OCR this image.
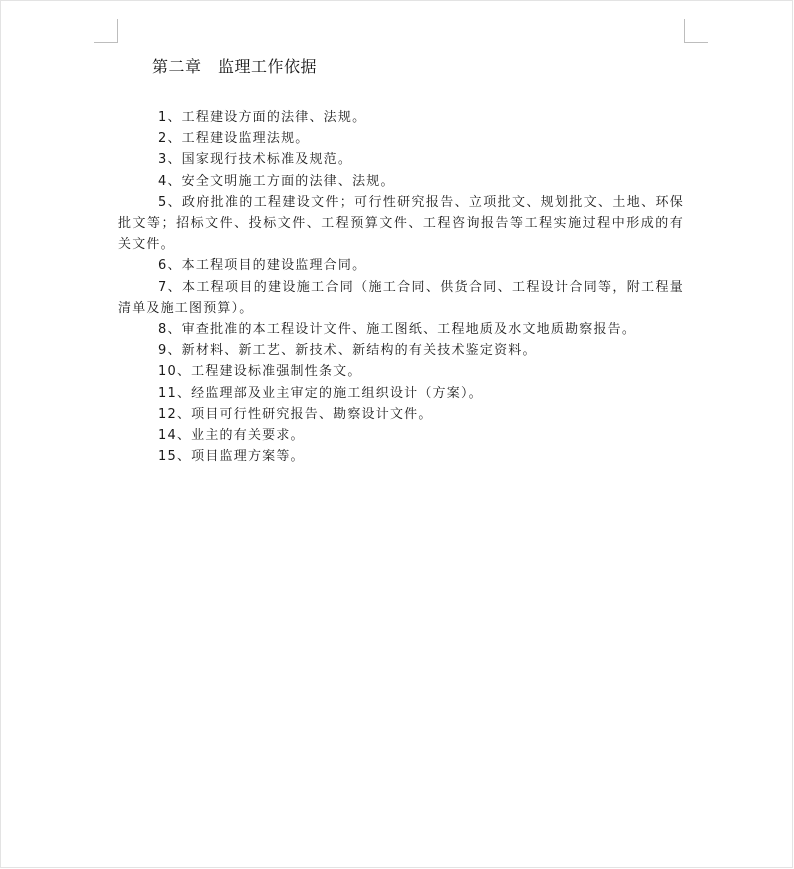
第二章　监理工作依据

1、工程建设方面的法律、法规。

2、工程建设监理法规。

3、国家现行技术标准及规范。

4、安全文明施工方面的法律、法规。

5、政府批准的工程建设文件；可行性研究报告、立项批文、规划批文、土地、环保批文等；招标文件、投标文件、工程预算文件、工程咨询报告等工程实施过程中形成的有关文件。

6、本工程项目的建设监理合同。

7、本工程项目的建设施工合同（施工合同、供货合同、工程设计合同等，附工程量清单及施工图预算）。

8、审查批准的本工程设计文件、施工图纸、工程地质及水文地质勘察报告。

9、新材料、新工艺、新技术、新结构的有关技术鉴定资料。

10、工程建设标准强制性条文。

11、经监理部及业主审定的施工组织设计（方案）。

12、项目可行性研究报告、勘察设计文件。

14、业主的有关要求。

15、项目监理方案等。
